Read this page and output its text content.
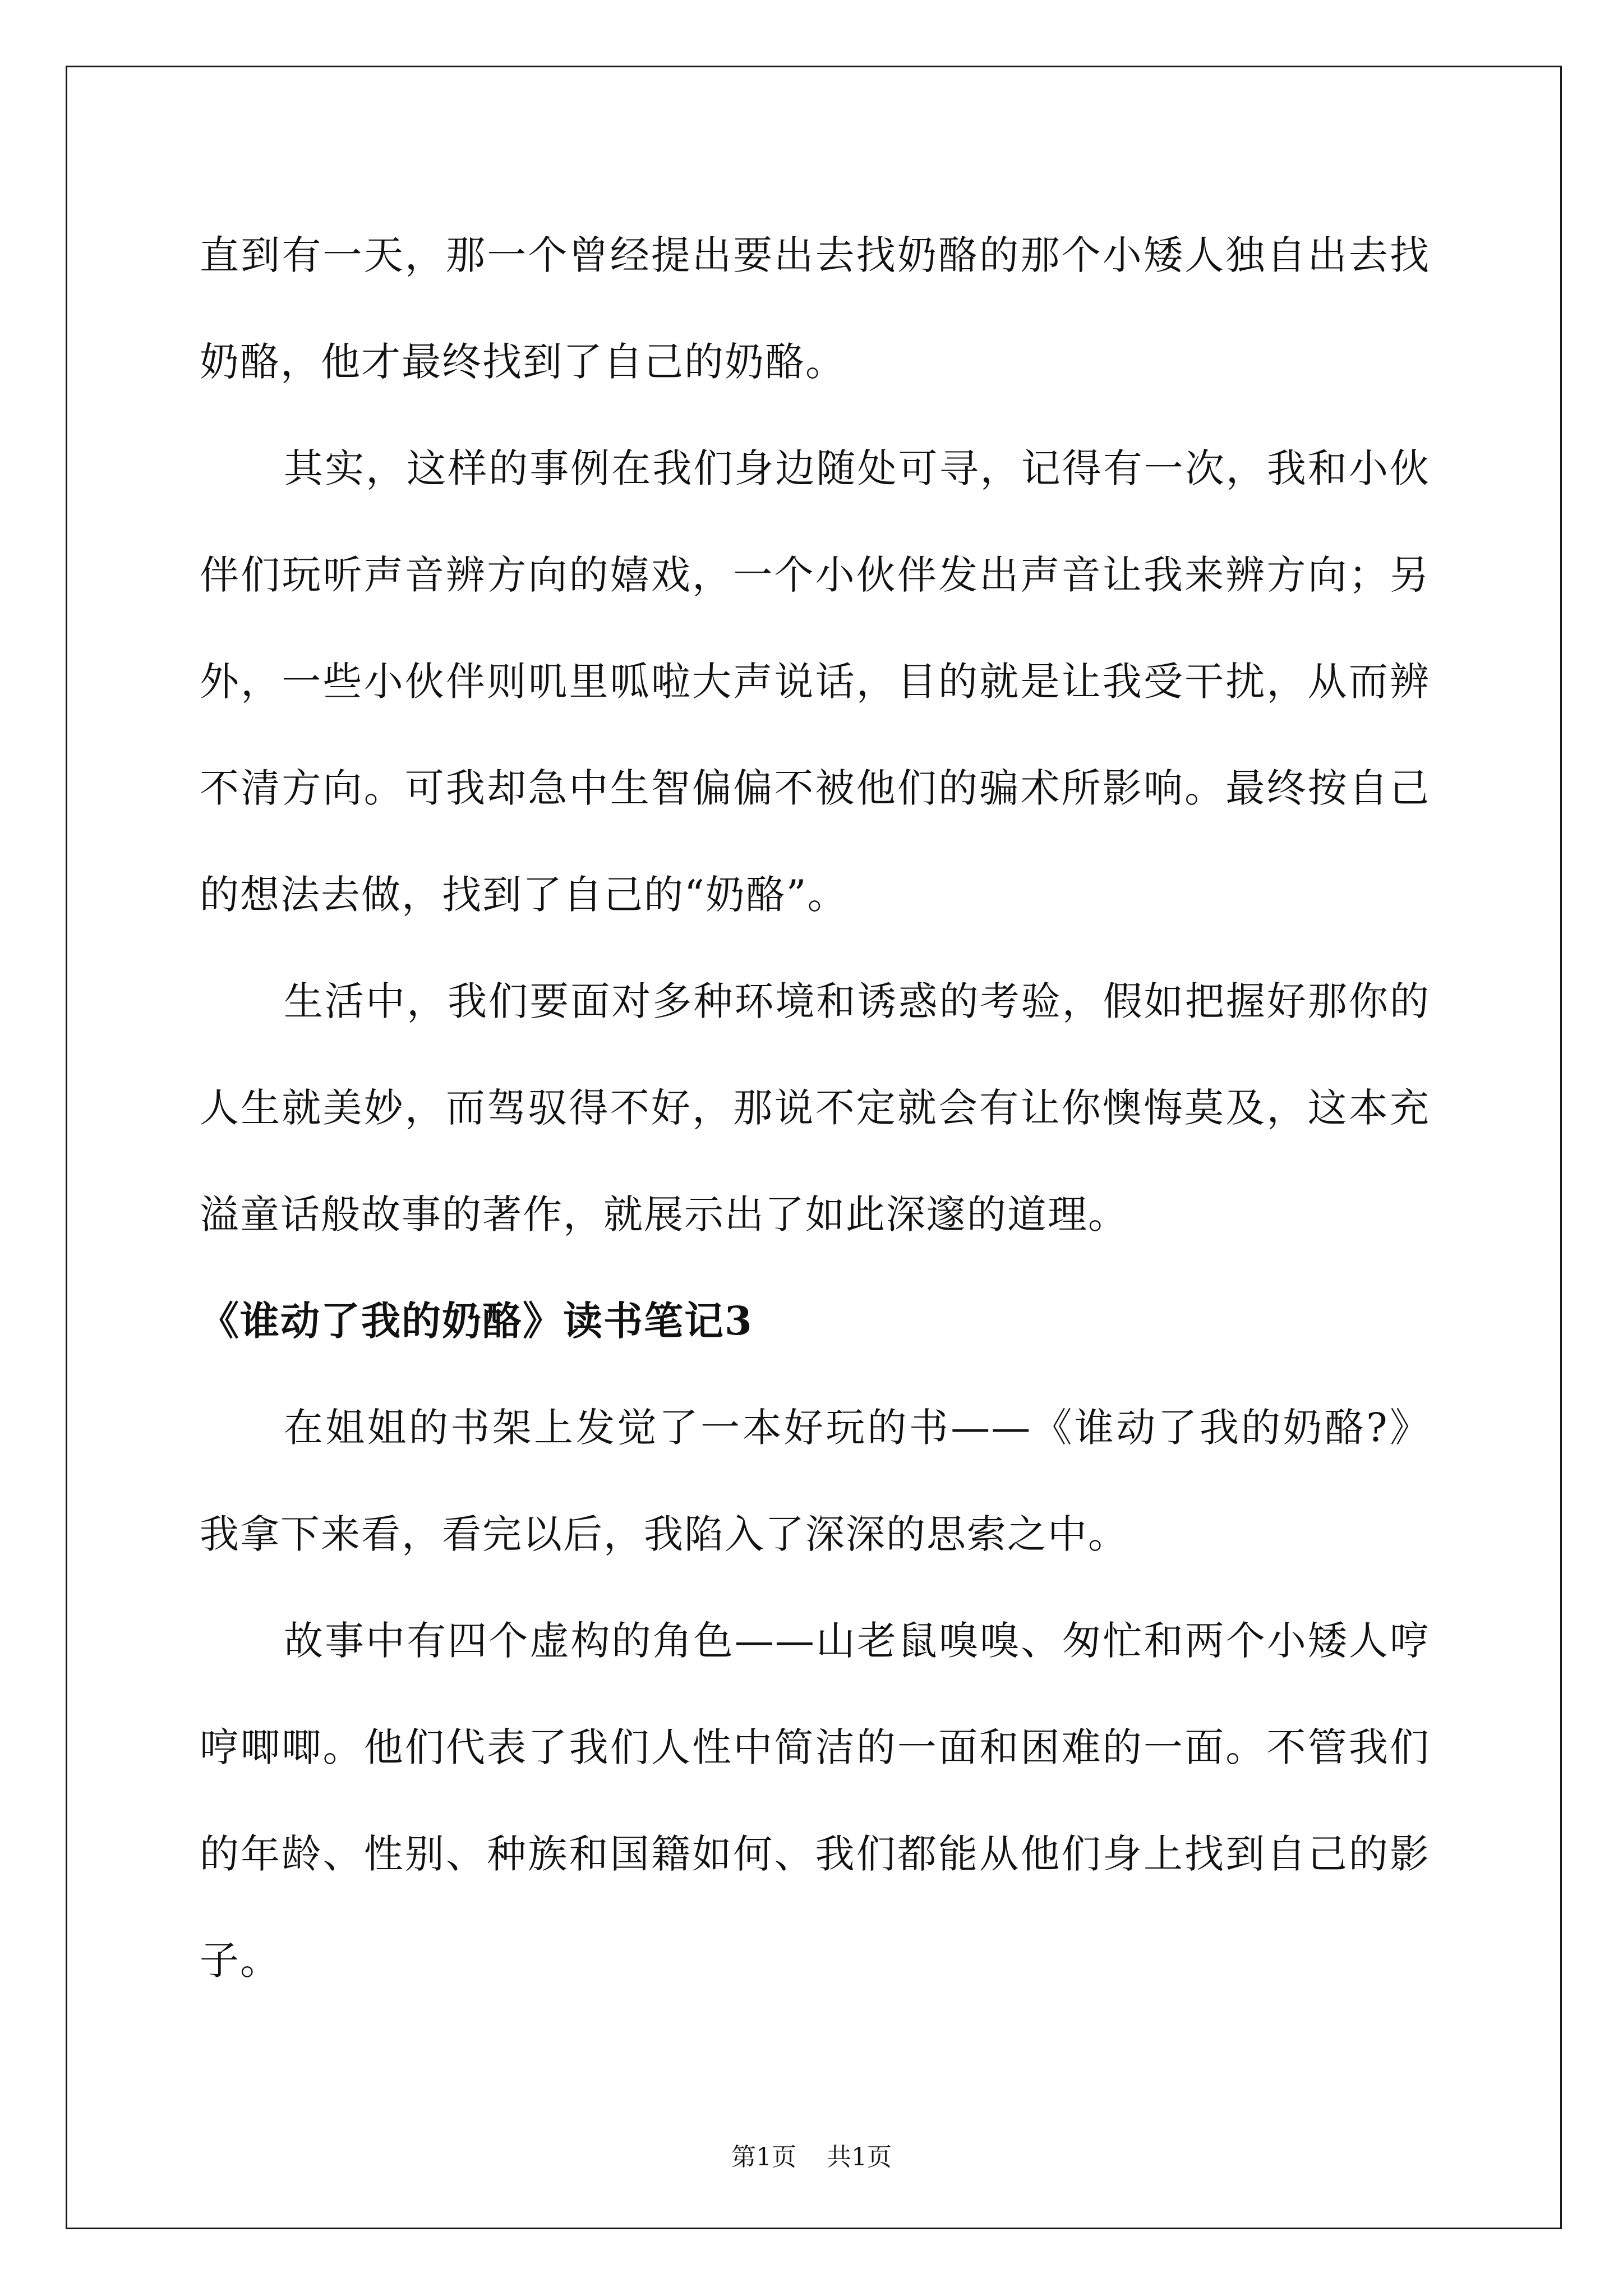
直到有一天，那一个曾经提出要出去找奶酪的那个小矮人独自出去找奶酪，他才最终找到了自己的奶酪。

其实，这样的事例在我们身边随处可寻，记得有一次，我和小伙伴们玩听声音辨方向的嬉戏，一个小伙伴发出声音让我来辨方向；另外，一些小伙伴则叽里呱啦大声说话，目的就是让我受干扰，从而辨不清方向。可我却急中生智偏偏不被他们的骗术所影响。最终按自己的想法去做，找到了自己的“奶酪”。

生活中，我们要面对多种环境和诱惑的考验，假如把握好那你的人生就美妙，而驾驭得不好，那说不定就会有让你懊悔莫及，这本充溢童话般故事的著作，就展示出了如此深邃的道理。

《谁动了我的奶酪》读书笔记3

在姐姐的书架上发觉了一本好玩的书——《谁动了我的奶酪?》我拿下来看，看完以后，我陷入了深深的思索之中。

故事中有四个虚构的角色——山老鼠嗅嗅、匆忙和两个小矮人哼哼唧唧。他们代表了我们人性中简洁的一面和困难的一面。不管我们的年龄、性别、种族和国籍如何、我们都能从他们身上找到自己的影子。

第1页 共1页
